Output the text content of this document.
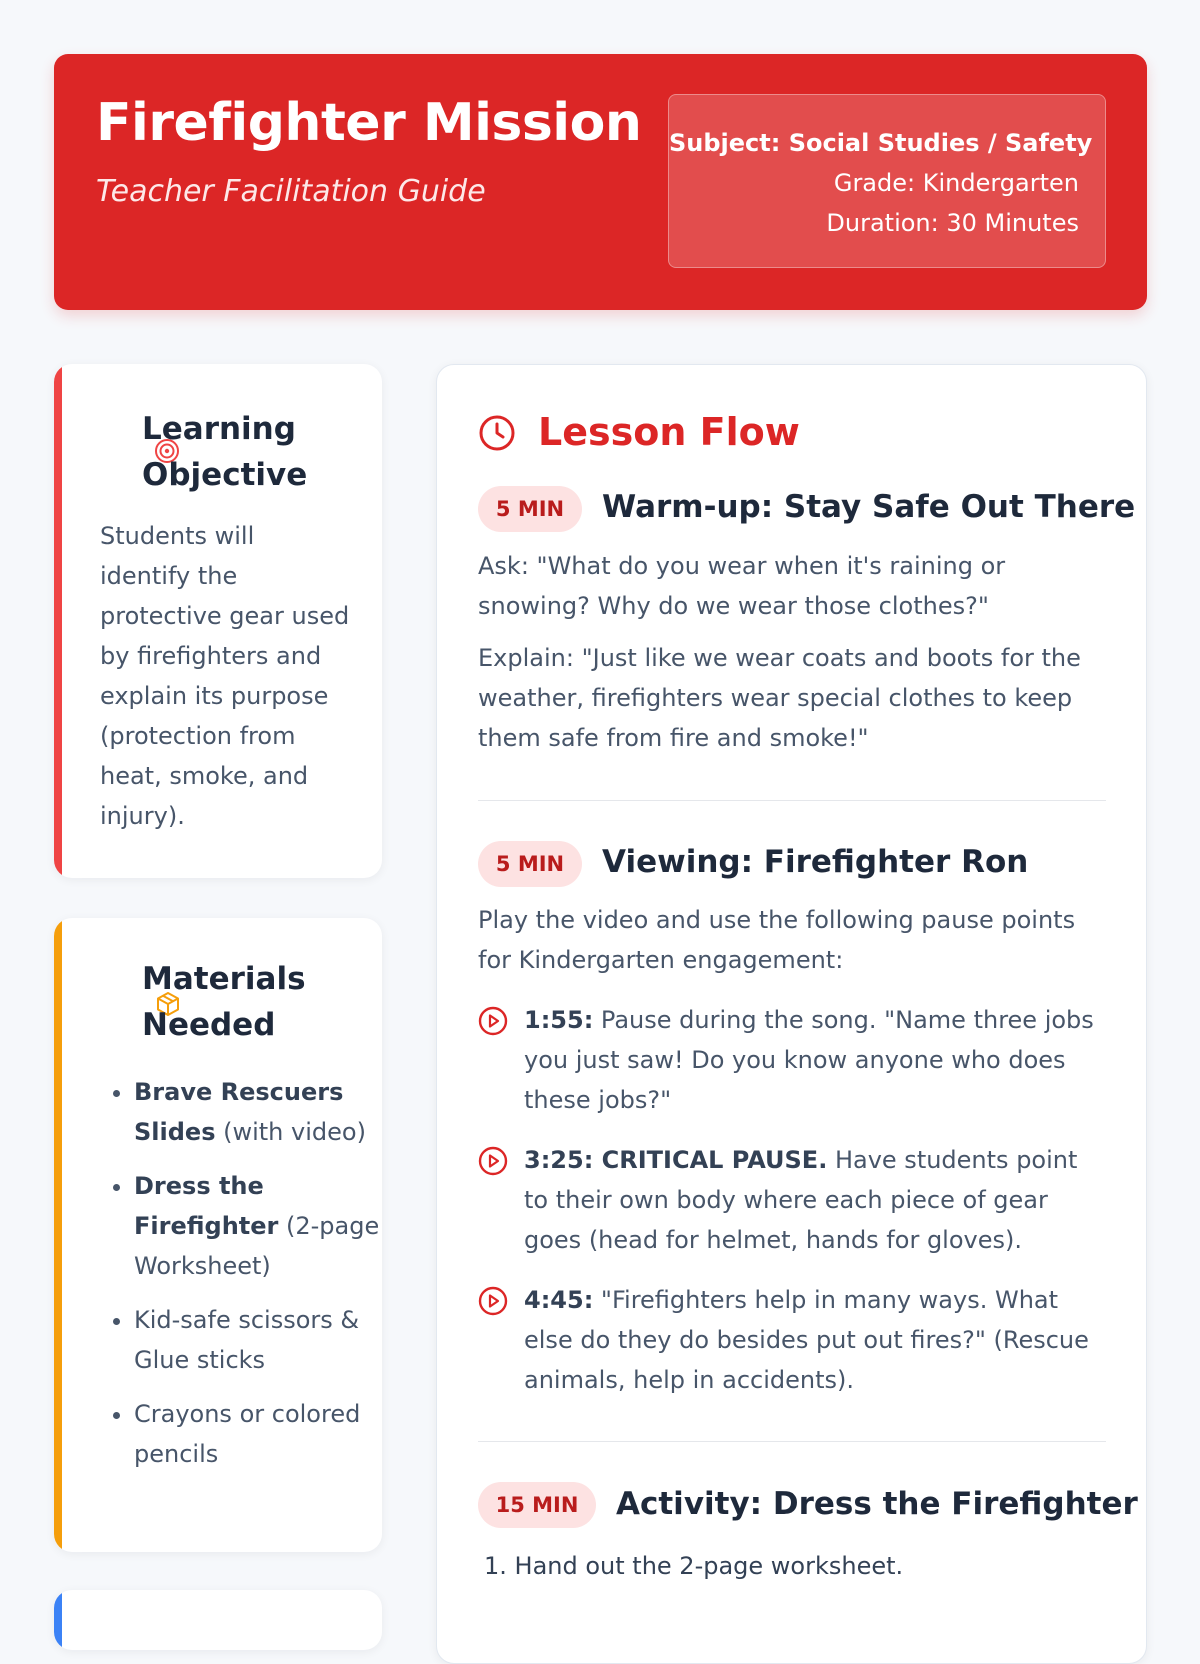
Firefighter Mission

Teacher Facilitation Guide

Subject: Social Studies / Safety
Grade: Kindergarten
Duration: 30 Minutes
Learning
Objective

Students will identify the protective gear used by firefighters and explain its purpose (protection from heat, smoke, and injury).

Materials
Needed
• Brave Rescuers Slides (with video)
• Dress the Firefighter (2-page Worksheet)
• Kid-safe scissors & Glue sticks
• Crayons or colored pencils
Lesson Flow
5 MIN	Warm-up: Stay Safe Out There

Ask: "What do you wear when it's raining or snowing? Why do we wear those clothes?"

Explain: "Just like we wear coats and boots for the weather, firefighters wear special clothes to keep them safe from fire and smoke!"

5 MIN	Viewing: Firefighter Ron

Play the video and use the following pause points for Kindergarten engagement:

1:55: Pause during the song. "Name three jobs you just saw! Do you know anyone who does these jobs?"

3:25: CRITICAL PAUSE. Have students point to their own body where each piece of gear goes (head for helmet, hands for gloves).

4:45: "Firefighters help in many ways. What else do they do besides put out fires?" (Rescue animals, help in accidents).

15 MIN	Activity: Dress the Firefighter

1. Hand out the 2-page worksheet.
